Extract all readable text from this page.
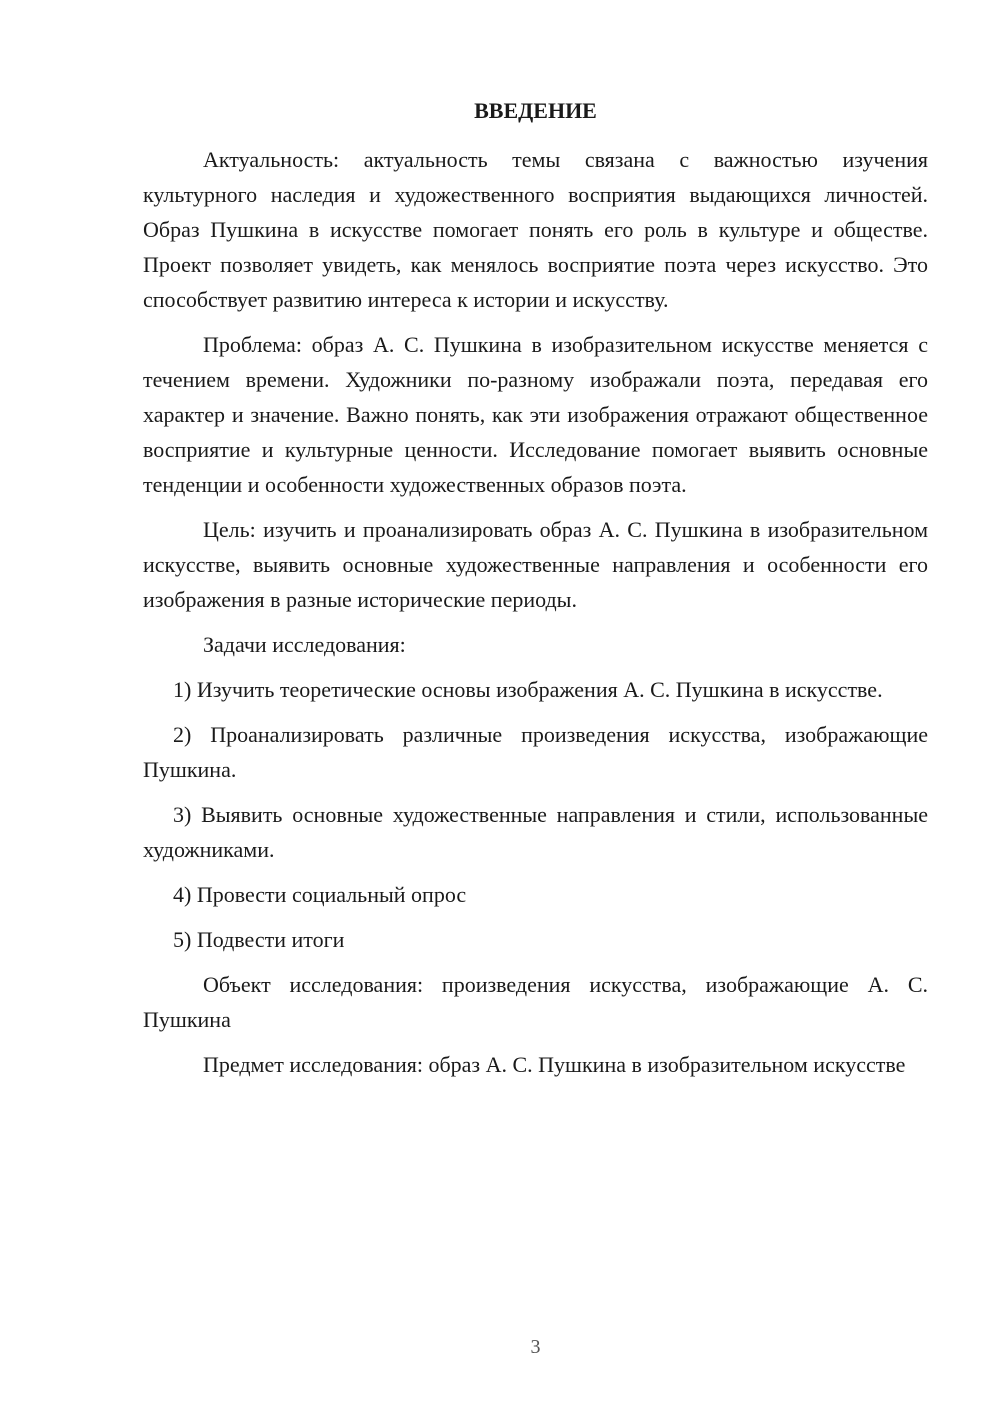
ВВЕДЕНИЕ

Актуальность: актуальность темы связана с важностью изучения культурного наследия и художественного восприятия выдающихся личностей. Образ Пушкина в искусстве помогает понять его роль в культуре и обществе. Проект позволяет увидеть, как менялось восприятие поэта через искусство. Это способствует развитию интереса к истории и искусству.

Проблема: образ А. С. Пушкина в изобразительном искусстве меняется с течением времени. Художники по-разному изображали поэта, передавая его характер и значение. Важно понять, как эти изображения отражают общественное восприятие и культурные ценности. Исследование помогает выявить основные тенденции и особенности художественных образов поэта.

Цель: изучить и проанализировать образ А. С. Пушкина в изобразительном искусстве, выявить основные художественные направления и особенности его изображения в разные исторические периоды.

Задачи исследования:

1) Изучить теоретические основы изображения А. С. Пушкина в искусстве.

2) Проанализировать различные произведения искусства, изображающие Пушкина.

3) Выявить основные художественные направления и стили, использованные художниками.

4) Провести социальный опрос

5) Подвести итоги

Объект исследования: произведения искусства, изображающие А. С. Пушкина

Предмет исследования: образ А. С. Пушкина в изобразительном искусстве

3
